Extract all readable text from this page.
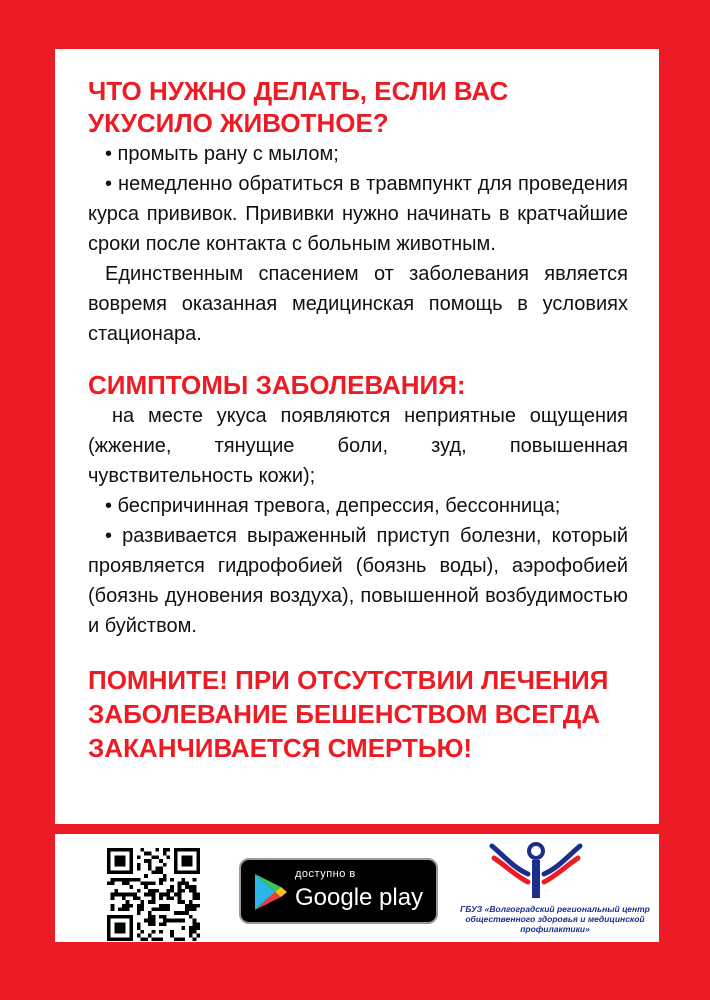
ЧТО НУЖНО ДЕЛАТЬ, ЕСЛИ ВАС УКУСИЛО ЖИВОТНОЕ?

• промыть рану с мылом;

• немедленно обратиться в травмпункт для проведения курса прививок. Прививки нужно начинать в кратчайшие сроки после контакта с больным животным.

Единственным спасением от заболевания является вовремя оказанная медицинская помощь в условиях стационара.

СИМПТОМЫ ЗАБОЛЕВАНИЯ:

на месте укуса появляются неприятные ощущения (жжение, тянущие боли, зуд, повышенная чувствительность кожи);

• беспричинная тревога, депрессия, бессонница;

• развивается выраженный приступ болезни, который проявляется гидрофобией (боязнь воды), аэрофобией (боязнь дуновения воздуха), повышенной возбудимостью и буйством.

ПОМНИТЕ! ПРИ ОТСУТСТВИИ ЛЕЧЕНИЯ ЗАБОЛЕВАНИЕ БЕШЕНСТВОМ ВСЕГДА ЗАКАНЧИВАЕТСЯ СМЕРТЬЮ!

доступно в
Google play	ГБУЗ «Волгоградский региональный центр общественного здоровья и медицинской профилактики»
